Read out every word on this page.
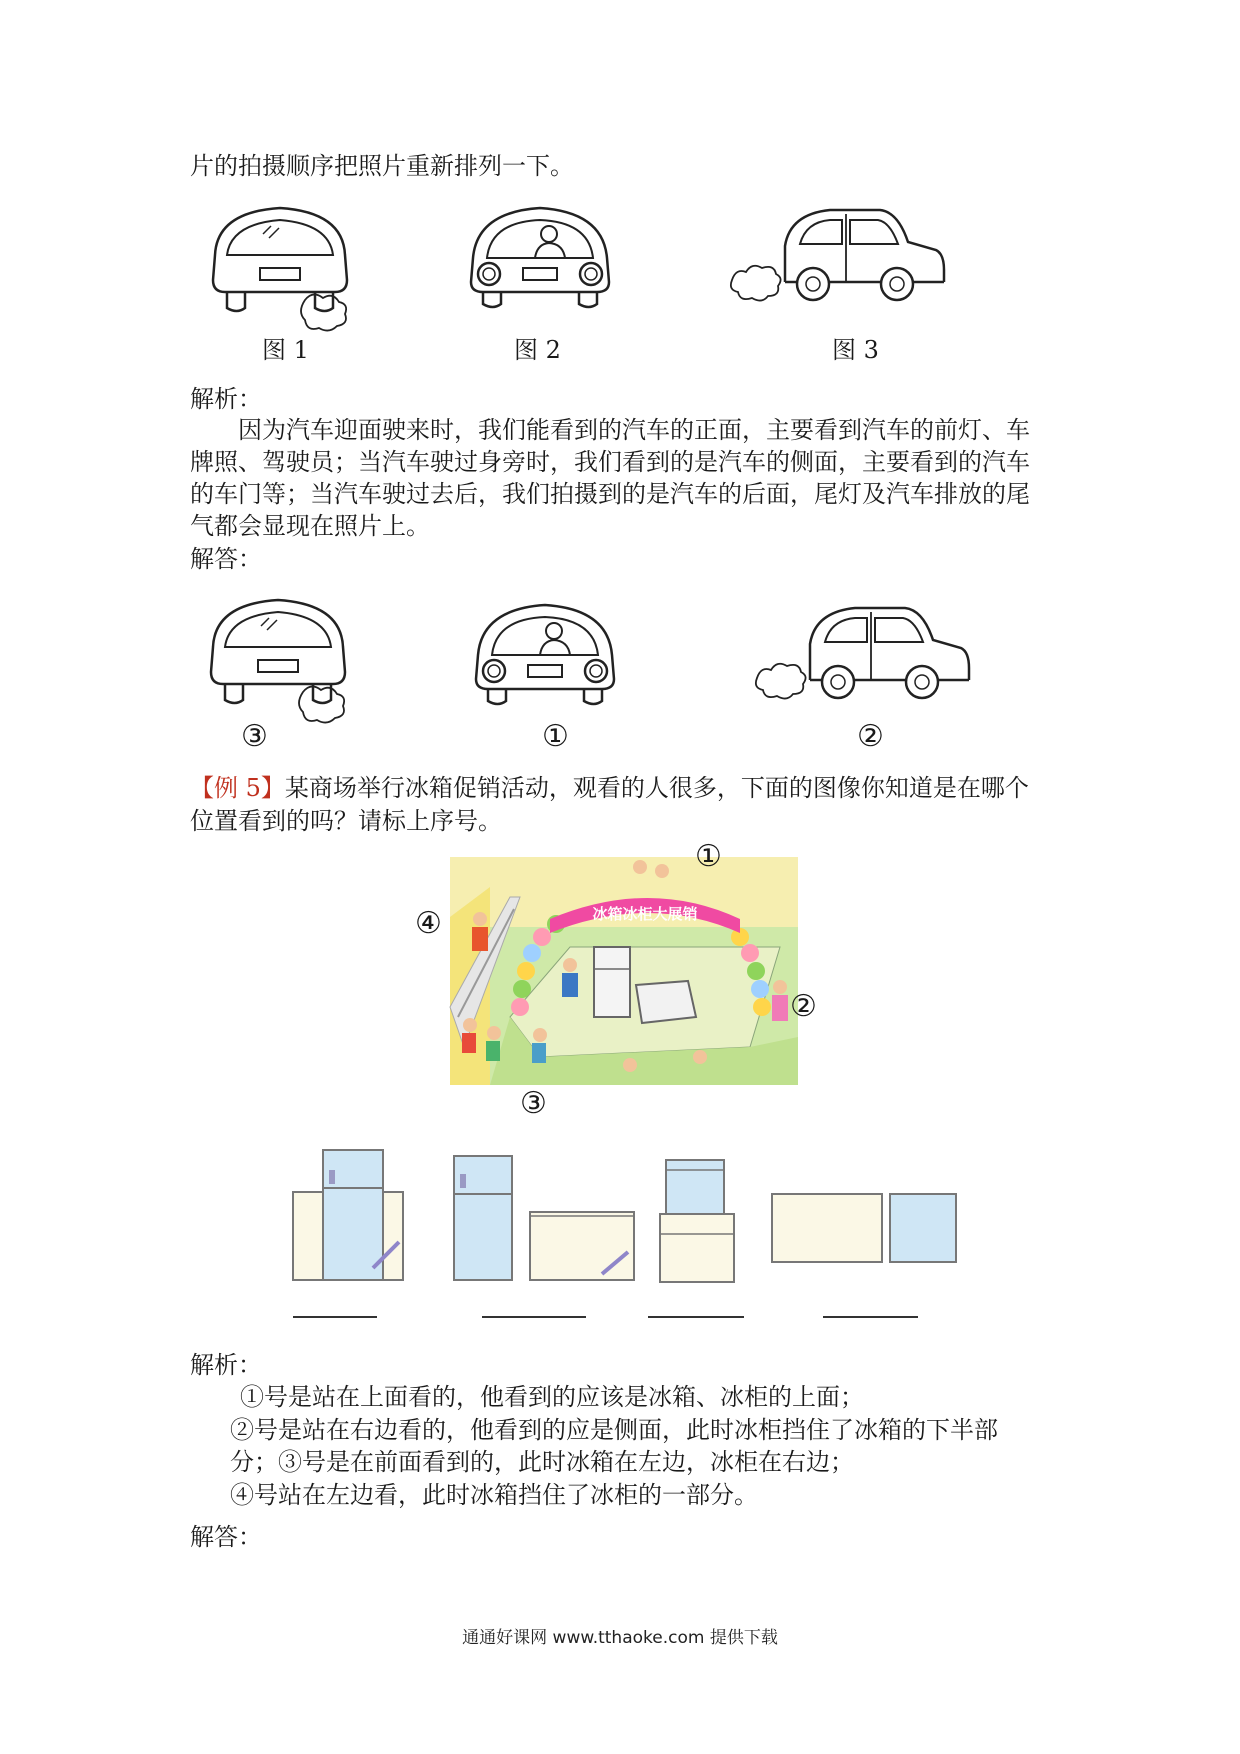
片的拍摄顺序把照片重新排列一下。
图 1	图 2	图 3
解析：
因为汽车迎面驶来时，我们能看到的汽车的正面，主要看到汽车的前灯、车
牌照、驾驶员；当汽车驶过身旁时，我们看到的是汽车的侧面，主要看到的汽车
的车门等；当汽车驶过去后，我们拍摄到的是汽车的后面，尾灯及汽车排放的尾
气都会显现在照片上。
解答：
③	①	②
【例 5】某商场举行冰箱促销活动，观看的人很多，下面的图像你知道是在哪个
位置看到的吗？请标上序号。
冰箱冰柜大展销
①
②
③
④
解析：
①号是站在上面看的，他看到的应该是冰箱、冰柜的上面；
②号是站在右边看的，他看到的应是侧面，此时冰柜挡住了冰箱的下半部
分；③号是在前面看到的，此时冰箱在左边，冰柜在右边；
④号站在左边看，此时冰箱挡住了冰柜的一部分。
解答：
通通好课网 www.tthaoke.com 提供下载
